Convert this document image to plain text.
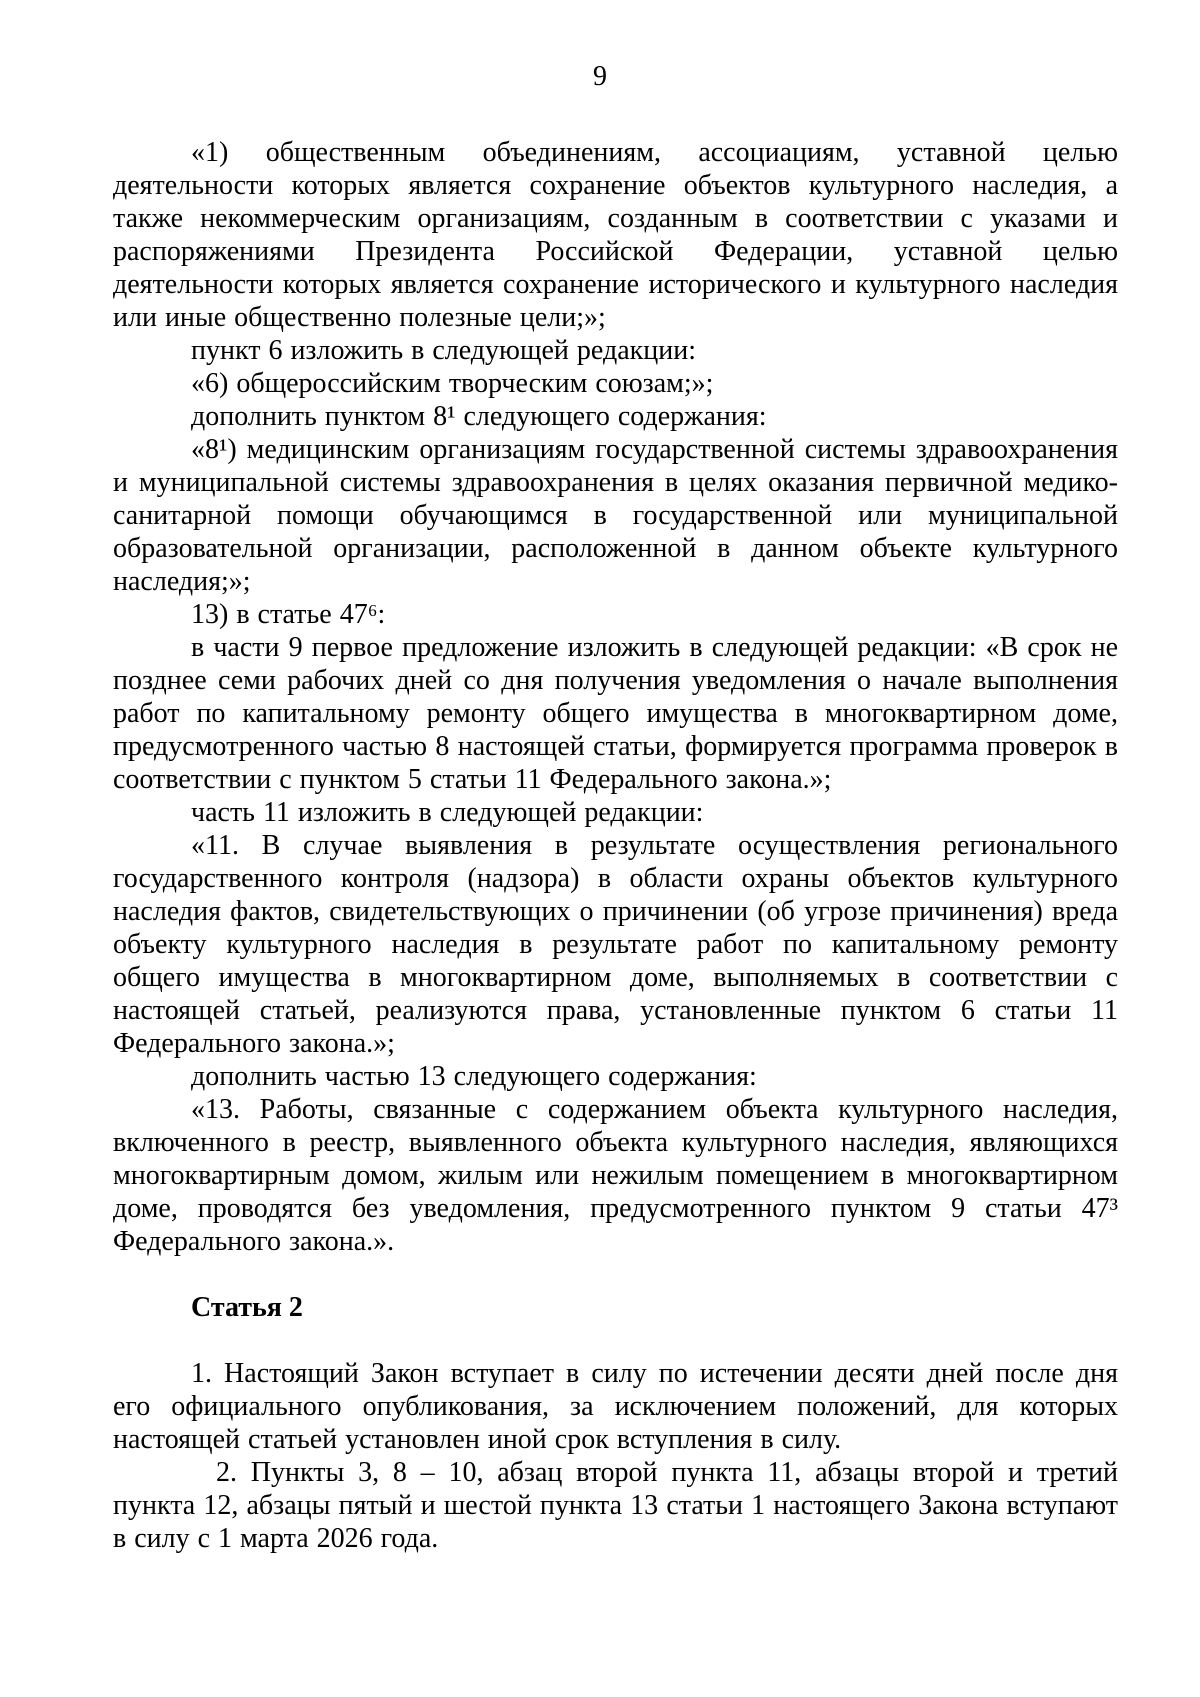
9

«1) общественным объединениям, ассоциациям, уставной целью деятельности которых является сохранение объектов культурного наследия, а также некоммерческим организациям, созданным в соответствии с указами и распоряжениями Президента Российской Федерации, уставной целью деятельности которых является сохранение исторического и культурного наследия или иные общественно полезные цели;»;

пункт 6 изложить в следующей редакции:

«6) общероссийским творческим союзам;»;

дополнить пунктом 8¹ следующего содержания:

«8¹) медицинским организациям государственной системы здравоохранения и муниципальной системы здравоохранения в целях оказания первичной медико-санитарной помощи обучающимся в государственной или муниципальной образовательной организации, расположенной в данном объекте культурного наследия;»;

13) в статье 47⁶:

в части 9 первое предложение изложить в следующей редакции: «В срок не позднее семи рабочих дней со дня получения уведомления о начале выполнения работ по капитальному ремонту общего имущества в многоквартирном доме, предусмотренного частью 8 настоящей статьи, формируется программа проверок в соответствии с пунктом 5 статьи 11 Федерального закона.»;

часть 11 изложить в следующей редакции:

«11. В случае выявления в результате осуществления регионального государственного контроля (надзора) в области охраны объектов культурного наследия фактов, свидетельствующих о причинении (об угрозе причинения) вреда объекту культурного наследия в результате работ по капитальному ремонту общего имущества в многоквартирном доме, выполняемых в соответствии с настоящей статьей, реализуются права, установленные пунктом 6 статьи 11 Федерального закона.»;

дополнить частью 13 следующего содержания:

«13. Работы, связанные с содержанием объекта культурного наследия, включенного в реестр, выявленного объекта культурного наследия, являющихся многоквартирным домом, жилым или нежилым помещением в многоквартирном доме, проводятся без уведомления, предусмотренного пунктом 9 статьи 47³ Федерального закона.».

Статья 2

1. Настоящий Закон вступает в силу по истечении десяти дней после дня его официального опубликования, за исключением положений, для которых настоящей статьей установлен иной срок вступления в силу.

2. Пункты 3, 8 – 10, абзац второй пункта 11, абзацы второй и третий пункта 12, абзацы пятый и шестой пункта 13 статьи 1 настоящего Закона вступают в силу с 1 марта 2026 года.
